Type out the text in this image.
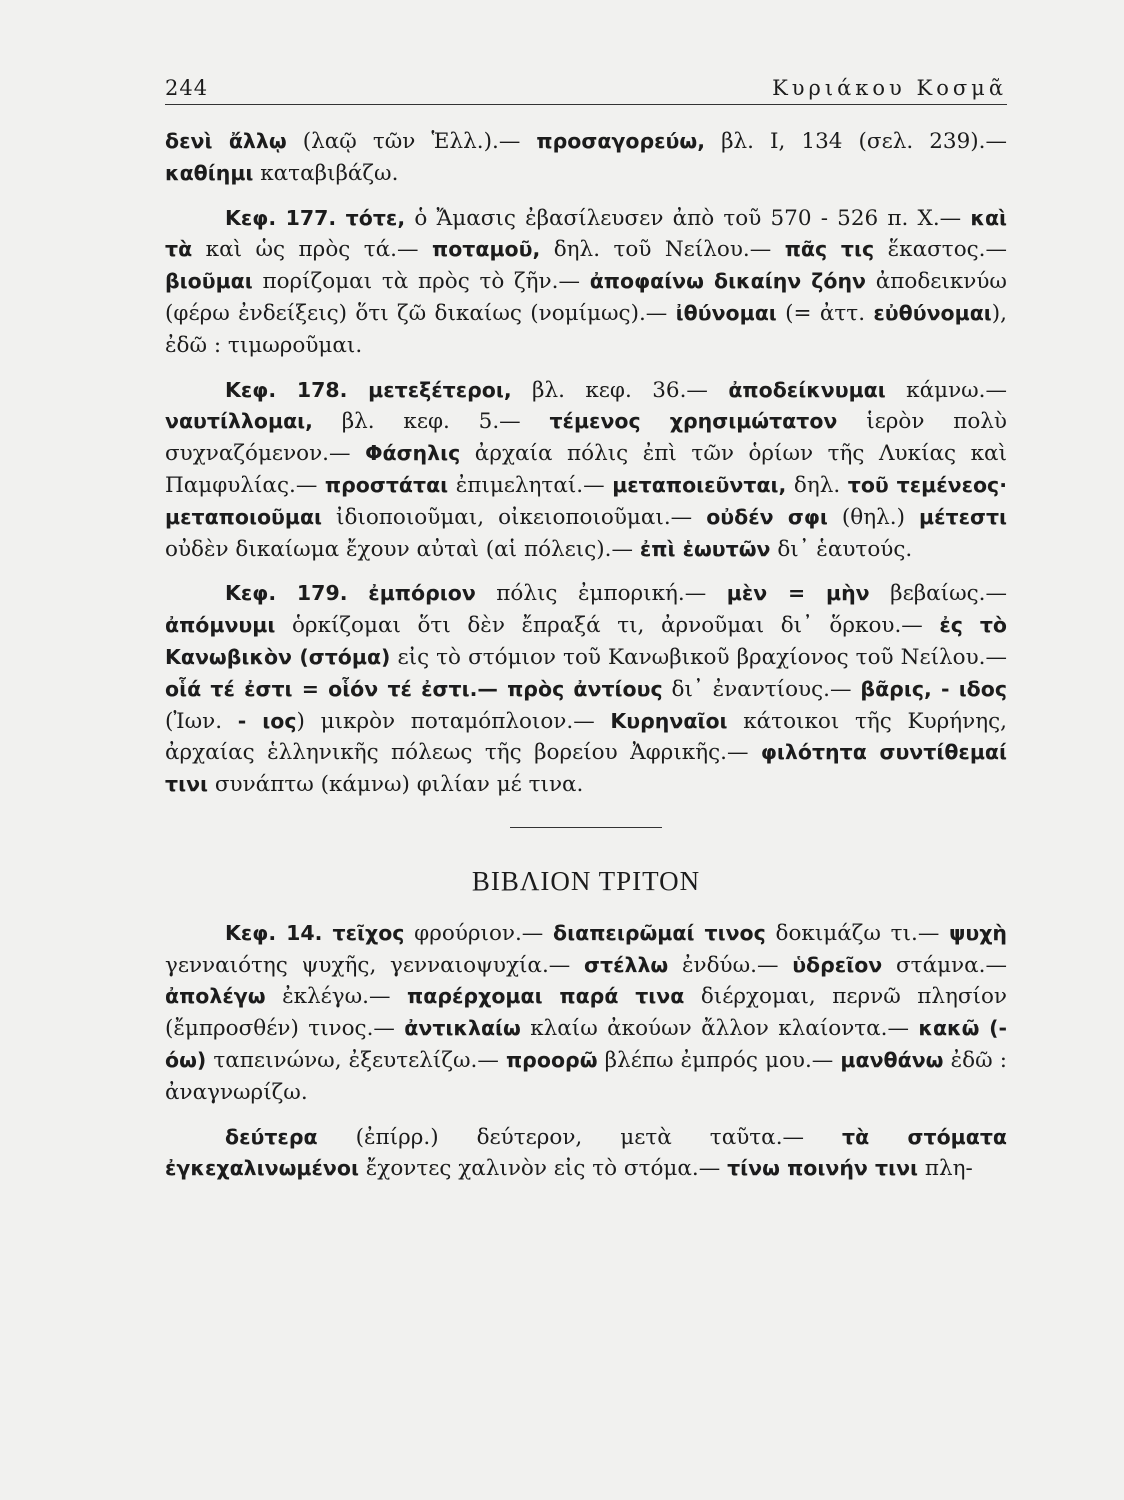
244	Κυριάκου Κοσμᾶ

δενὶ ἄλλῳ (λαῷ τῶν Ἑλλ.).— προσαγορεύω, βλ. Ι, 134 (σελ. 239).— καθίημι καταβιβάζω.

Κεφ. 177. τότε, ὁ Ἄμασις ἐβασίλευσεν ἀπὸ τοῦ 570 - 526 π. Χ.— καὶ τὰ καὶ ὡς πρὸς τά.— ποταμοῦ, δηλ. τοῦ Νείλου.— πᾶς τις ἕκαστος.— βιοῦμαι πορίζομαι τὰ πρὸς τὸ ζῆν.— ἀποφαίνω δικαίην ζόην ἀποδεικνύω (φέρω ἐνδείξεις) ὅτι ζῶ δικαίως (νομίμως).— ἰθύνομαι (= ἀττ. εὐθύνομαι), ἐδῶ : τιμωροῦμαι.

Κεφ. 178. μετεξέτεροι, βλ. κεφ. 36.— ἀποδείκνυμαι κάμνω.— ναυτίλλομαι, βλ. κεφ. 5.— τέμενος χρησιμώτατον ἱερὸν πολὺ συχναζόμενον.— Φάσηλις ἀρχαία πόλις ἐπὶ τῶν ὁρίων τῆς Λυκίας καὶ Παμφυλίας.— προστάται ἐπιμεληταί.— μεταποιεῦνται, δηλ. τοῦ τεμένεος· μεταποιοῦμαι ἰδιοποιοῦμαι, οἰκειοποιοῦμαι.— οὐδέν σφι (θηλ.) μέτεστι οὐδὲν δικαίωμα ἔχουν αὐταὶ (αἱ πόλεις).— ἐπὶ ἑωυτῶν δι᾽ ἑαυτούς.

Κεφ. 179. ἐμπόριον πόλις ἐμπορική.— μὲν = μὴν βεβαίως.— ἀπόμνυμι ὁρκίζομαι ὅτι δὲν ἔπραξά τι, ἀρνοῦμαι δι᾽ ὅρκου.— ἐς τὸ Κανωβικὸν (στόμα) εἰς τὸ στόμιον τοῦ Κανωβικοῦ βραχίονος τοῦ Νείλου.— οἷά τέ ἐστι = οἷόν τέ ἐστι.— πρὸς ἀντίους δι᾽ ἐναντίους.— βᾶρις, - ιδος (Ἰων. - ιος) μικρὸν ποταμόπλοιον.— Κυρηναῖοι κάτοικοι τῆς Κυρήνης, ἀρχαίας ἑλληνικῆς πόλεως τῆς βορείου Ἀφρικῆς.— φιλότητα συντίθεμαί τινι συνάπτω (κάμνω) φιλίαν μέ τινα.

ΒΙΒΛΙΟΝ ΤΡΙΤΟΝ

Κεφ. 14. τεῖχος φρούριον.— διαπειρῶμαί τινος δοκιμάζω τι.— ψυχὴ γενναιότης ψυχῆς, γενναιοψυχία.— στέλλω ἐνδύω.— ὑδρεῖον στάμνα.— ἀπολέγω ἐκλέγω.— παρέρχομαι παρά τινα διέρχομαι, περνῶ πλησίον (ἔμπροσθέν) τινος.— ἀντικλαίω κλαίω ἀκούων ἄλλον κλαίοντα.— κακῶ (- όω) ταπεινώνω, ἐξευτελίζω.— προορῶ βλέπω ἐμπρός μου.— μανθάνω ἐδῶ : ἀναγνωρίζω.

δεύτερα (ἐπίρρ.) δεύτερον, μετὰ ταῦτα.— τὰ στόματα ἐγκεχαλινωμένοι ἔχοντες χαλινὸν εἰς τὸ στόμα.— τίνω ποινήν τινι πλη-
